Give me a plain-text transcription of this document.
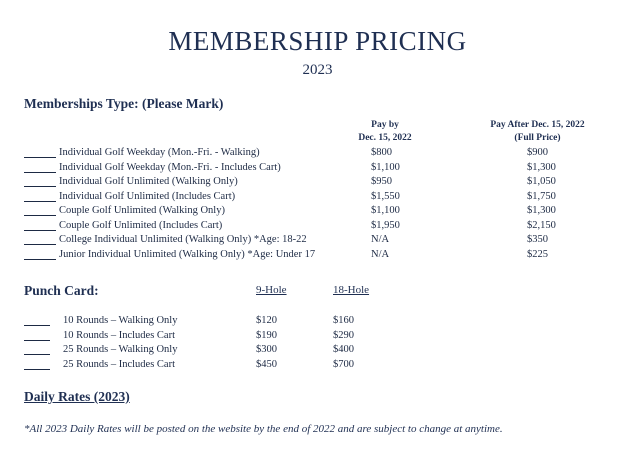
MEMBERSHIP PRICING
2023
Memberships Type: (Please Mark)
Pay by
Dec. 15, 2022
Pay After Dec. 15, 2022
(Full Price)
Individual Golf Weekday (Mon.-Fri. - Walking)	$800	$900
Individual Golf Weekday (Mon.-Fri. - Includes Cart)	$1,100	$1,300
Individual Golf Unlimited (Walking Only)	$950	$1,050
Individual Golf Unlimited (Includes Cart)	$1,550	$1,750
Couple Golf Unlimited (Walking Only)	$1,100	$1,300
Couple Golf Unlimited (Includes Cart)	$1,950	$2,150
College Individual Unlimited (Walking Only) *Age: 18-22	N/A	$350
Junior Individual Unlimited (Walking Only) *Age: Under 17	N/A	$225
Punch Card:	9-Hole	18-Hole
10 Rounds – Walking Only	$120	$160
10 Rounds – Includes Cart	$190	$290
25 Rounds – Walking Only	$300	$400
25 Rounds – Includes Cart	$450	$700
Daily Rates (2023)
*All 2023 Daily Rates will be posted on the website by the end of 2022 and are subject to change at anytime.
